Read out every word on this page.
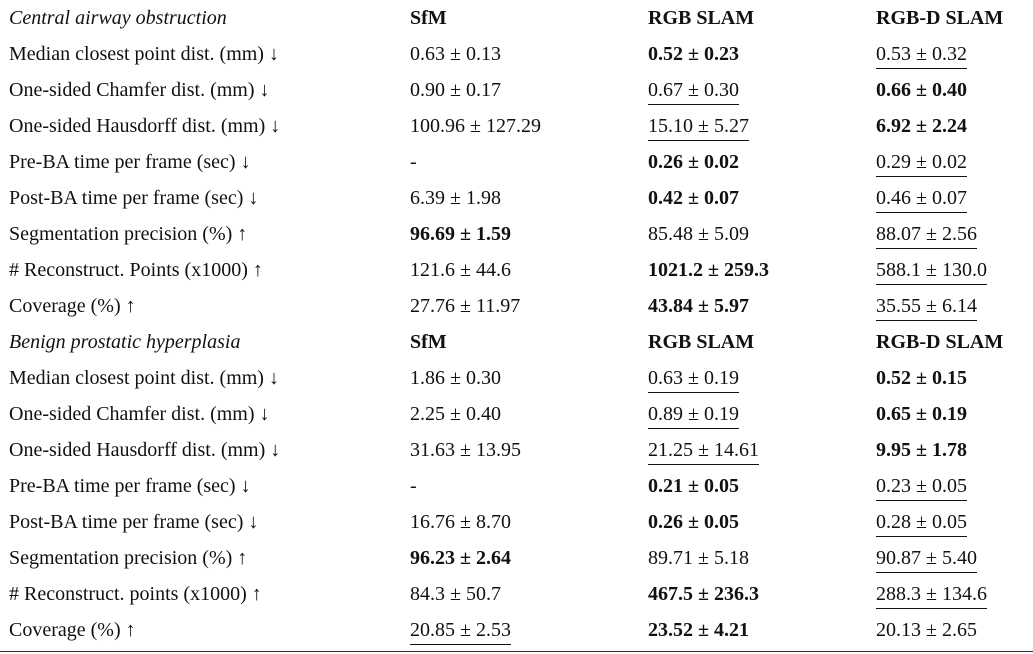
Central airway obstruction	SfM	RGB SLAM	RGB-D SLAM
Median closest point dist. (mm) ↓	0.63 ± 0.13	0.52 ± 0.23	0.53 ± 0.32
One-sided Chamfer dist. (mm) ↓	0.90 ± 0.17	0.67 ± 0.30	0.66 ± 0.40
One-sided Hausdorff dist. (mm) ↓	100.96 ± 127.29	15.10 ± 5.27	6.92 ± 2.24
Pre-BA time per frame (sec) ↓	-	0.26 ± 0.02	0.29 ± 0.02
Post-BA time per frame (sec) ↓	6.39 ± 1.98	0.42 ± 0.07	0.46 ± 0.07
Segmentation precision (%) ↑	96.69 ± 1.59	85.48 ± 5.09	88.07 ± 2.56
# Reconstruct. Points (x1000) ↑	121.6 ± 44.6	1021.2 ± 259.3	588.1 ± 130.0
Coverage (%) ↑	27.76 ± 11.97	43.84 ± 5.97	35.55 ± 6.14
Benign prostatic hyperplasia	SfM	RGB SLAM	RGB-D SLAM
Median closest point dist. (mm) ↓	1.86 ± 0.30	0.63 ± 0.19	0.52 ± 0.15
One-sided Chamfer dist. (mm) ↓	2.25 ± 0.40	0.89 ± 0.19	0.65 ± 0.19
One-sided Hausdorff dist. (mm) ↓	31.63 ± 13.95	21.25 ± 14.61	9.95 ± 1.78
Pre-BA time per frame (sec) ↓	-	0.21 ± 0.05	0.23 ± 0.05
Post-BA time per frame (sec) ↓	16.76 ± 8.70	0.26 ± 0.05	0.28 ± 0.05
Segmentation precision (%) ↑	96.23 ± 2.64	89.71 ± 5.18	90.87 ± 5.40
# Reconstruct. points (x1000) ↑	84.3 ± 50.7	467.5 ± 236.3	288.3 ± 134.6
Coverage (%) ↑	20.85 ± 2.53	23.52 ± 4.21	20.13 ± 2.65
